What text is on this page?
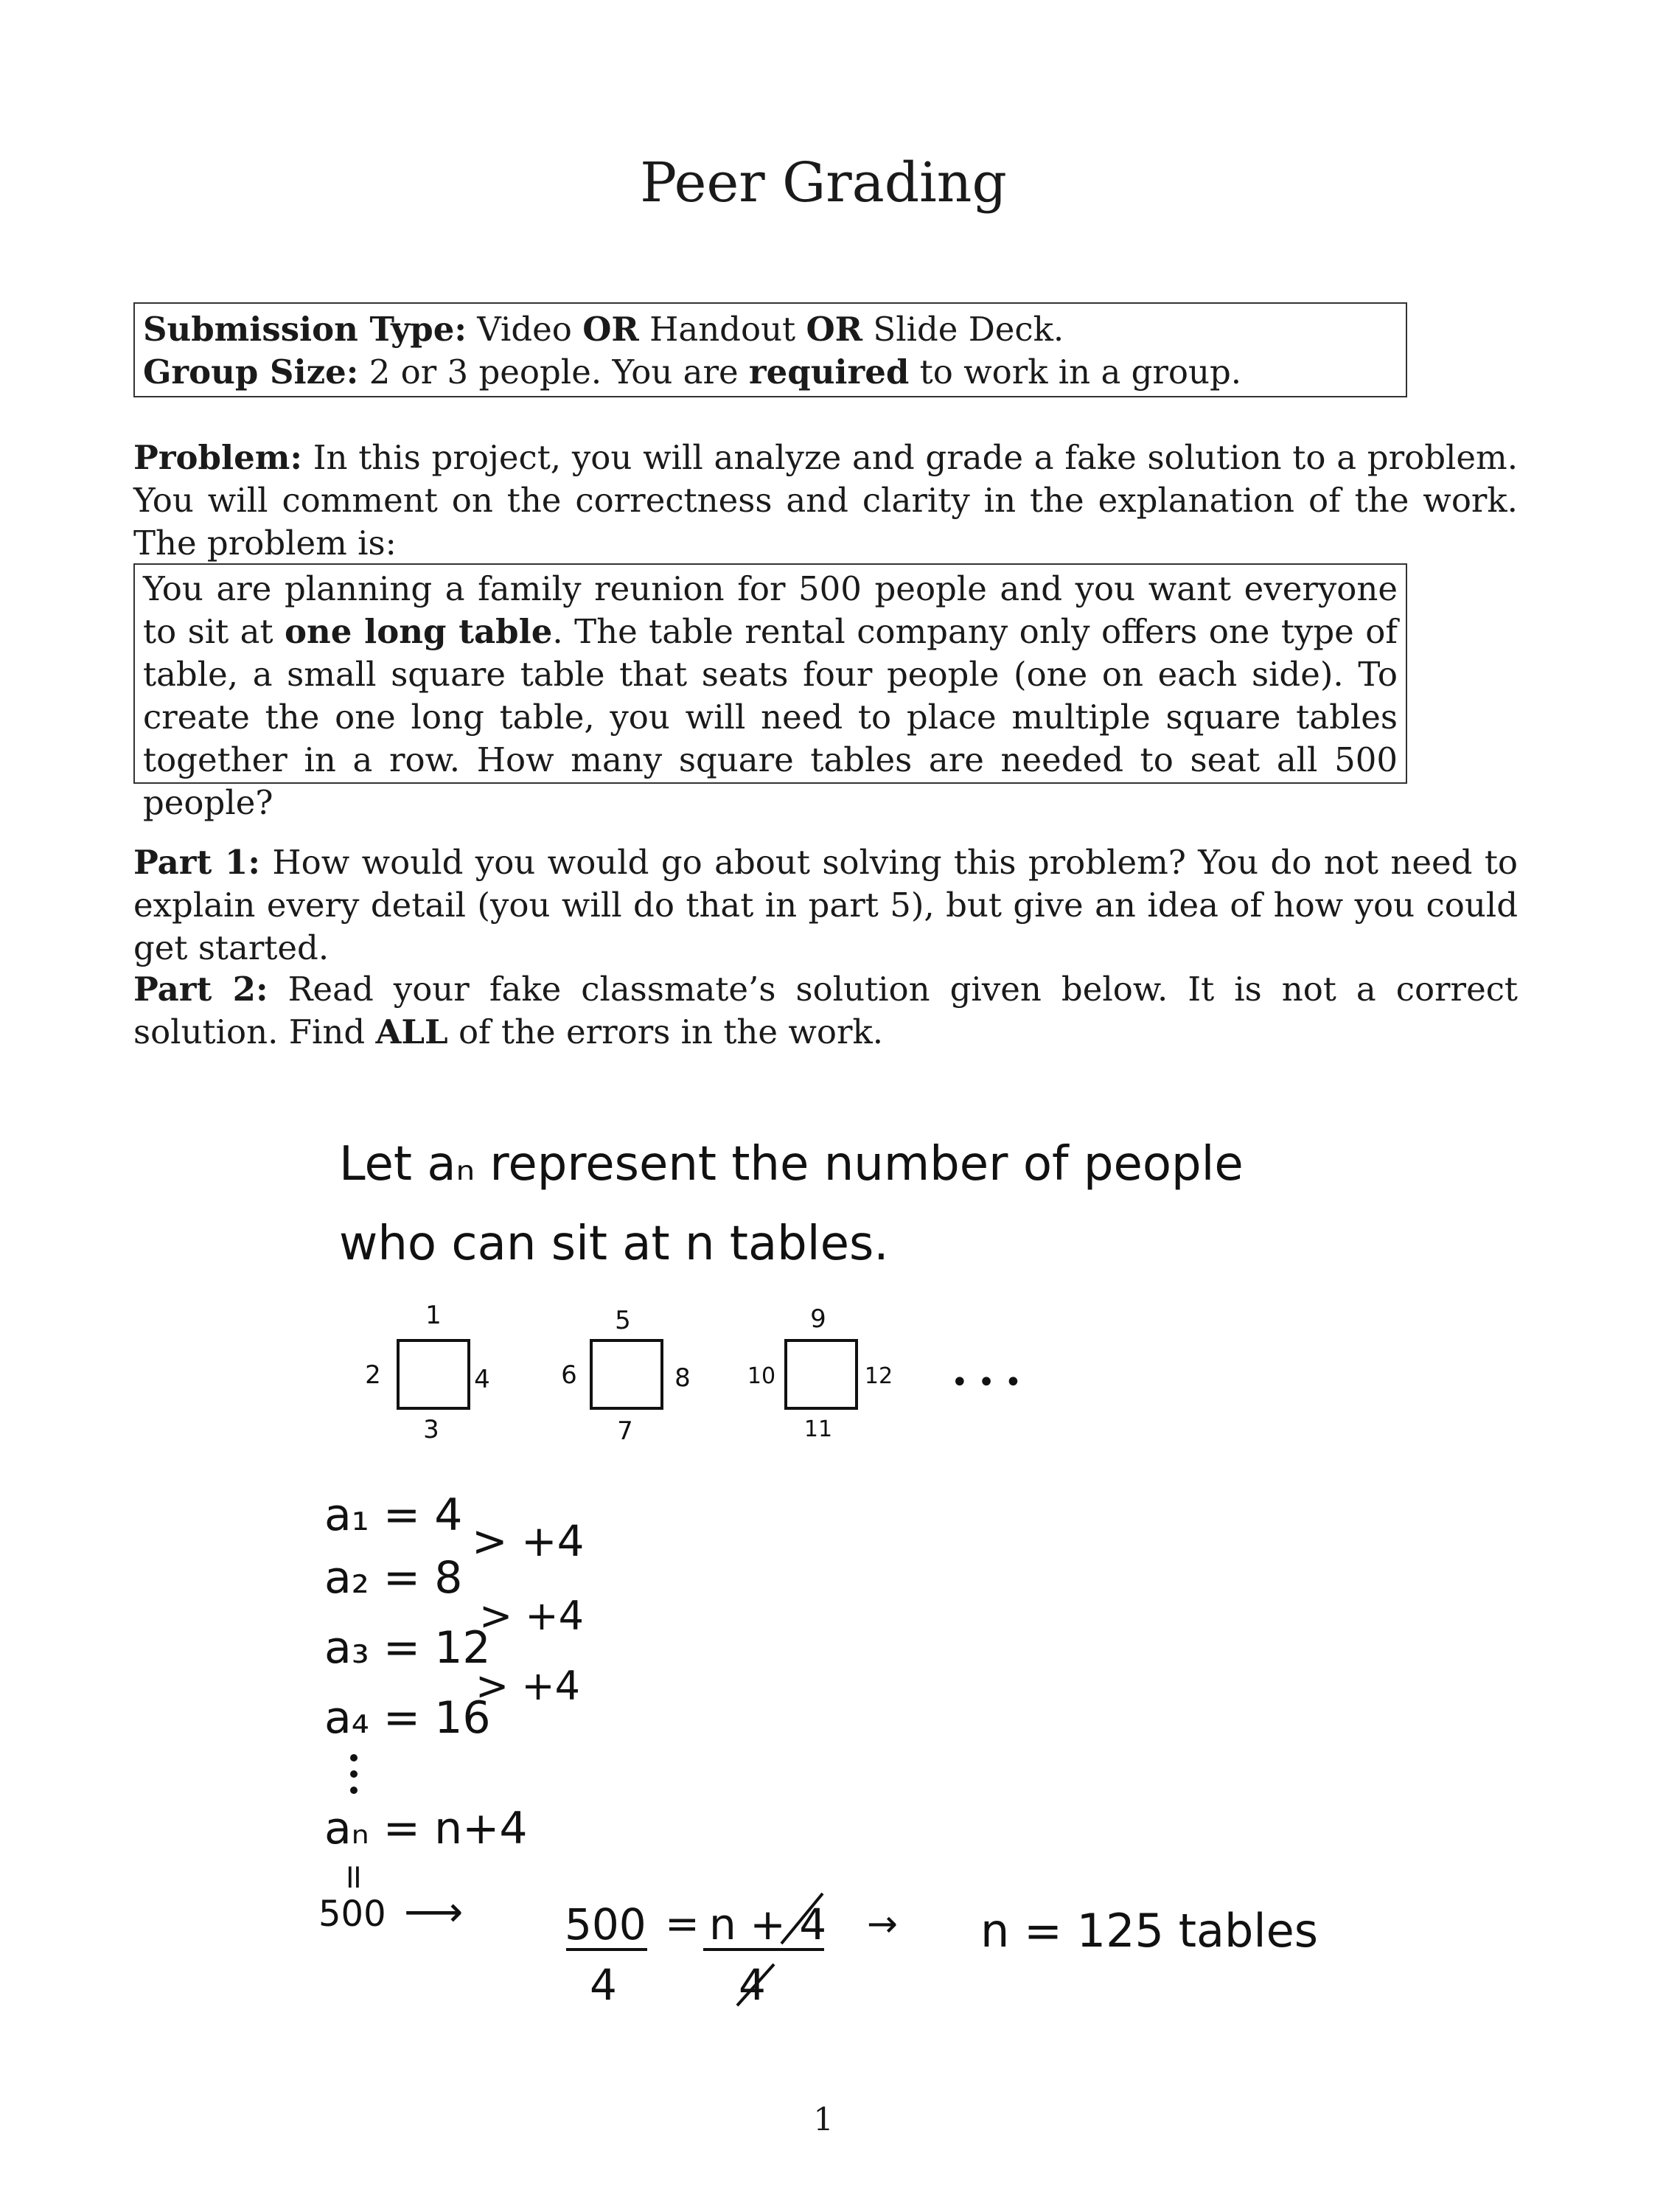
Peer Grading
Submission Type: Video OR Handout OR Slide Deck.
Group Size: 2 or 3 people. You are required to work in a group.
Problem: In this project, you will analyze and grade a fake solution to a problem. You will comment on the correctness and clarity in the explanation of the work. The problem is:
You are planning a family reunion for 500 people and you want everyone to sit at one long table. The table rental company only offers one type of table, a small square table that seats four people (one on each side). To create the one long table, you will need to place multiple square tables together in a row. How many square tables are needed to seat all 500 people?
Part 1: How would you would go about solving this problem? You do not need to explain every detail (you will do that in part 5), but give an idea of how you could get started.
Part 2: Read your fake classmate’s solution given below. It is not a correct solution. Find ALL of the errors in the work.
Let aₙ represent the number of people
who can sit at n tables.
1
2	4
3
5
6	8
7
9
10	12
11
• • •
a₁ = 4
a₂ = 8
a₃ = 12
a₄ = 16
> +4
> +4
> +4
aₙ = n+4
॥
500 ⟶ 500
4
= n + 4
4
→ n = 125 tables
1
